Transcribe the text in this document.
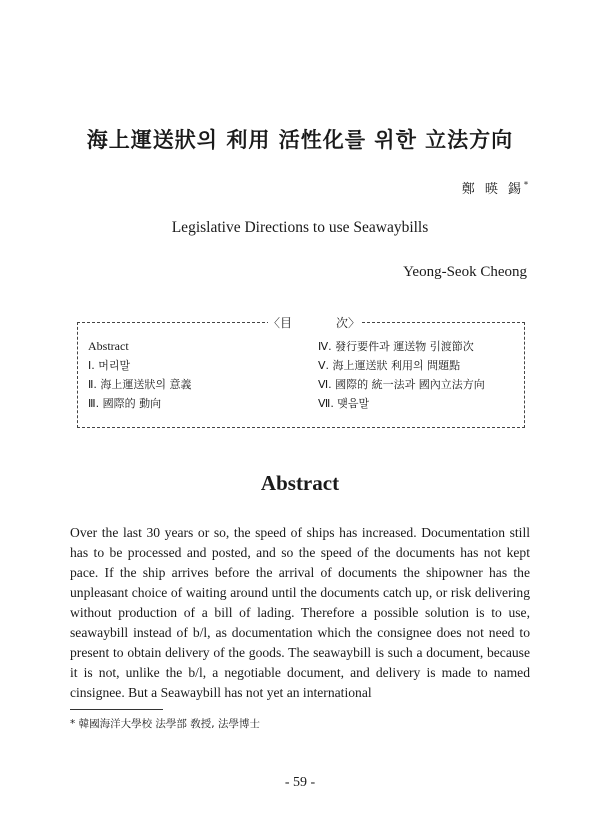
海上運送狀의 利用 活性化를 위한 立法方向
鄭 暎 錫*
Legislative Directions to use Seawaybills
Yeong-Seok Cheong
〈目	次〉
Abstract
Ⅰ. 머리말
Ⅱ. 海上運送狀의 意義
Ⅲ. 國際的 動向
Ⅳ. 發行要件과 運送物 引渡節次
Ⅴ. 海上運送狀 利用의 問題點
Ⅵ. 國際的 統一法과 國內立法方向
Ⅶ. 맺음말
Abstract
Over the last 30 years or so, the speed of ships has increased. Documentation still has to be processed and posted, and so the speed of the documents has not kept pace. If the ship arrives before the arrival of documents the shipowner has the unpleasant choice of waiting around until the documents catch up, or risk delivering without production of a bill of lading. Therefore a possible solution is to use, seawaybill instead of b/l, as documentation which the consignee does not need to present to obtain delivery of the goods. The seawaybill is such a document, because it is not, unlike the b/l, a negotiable document, and delivery is made to named cinsignee. But a Seawaybill has not yet an international
* 韓國海洋大學校 法學部 敎授, 法學博士
- 59 -
